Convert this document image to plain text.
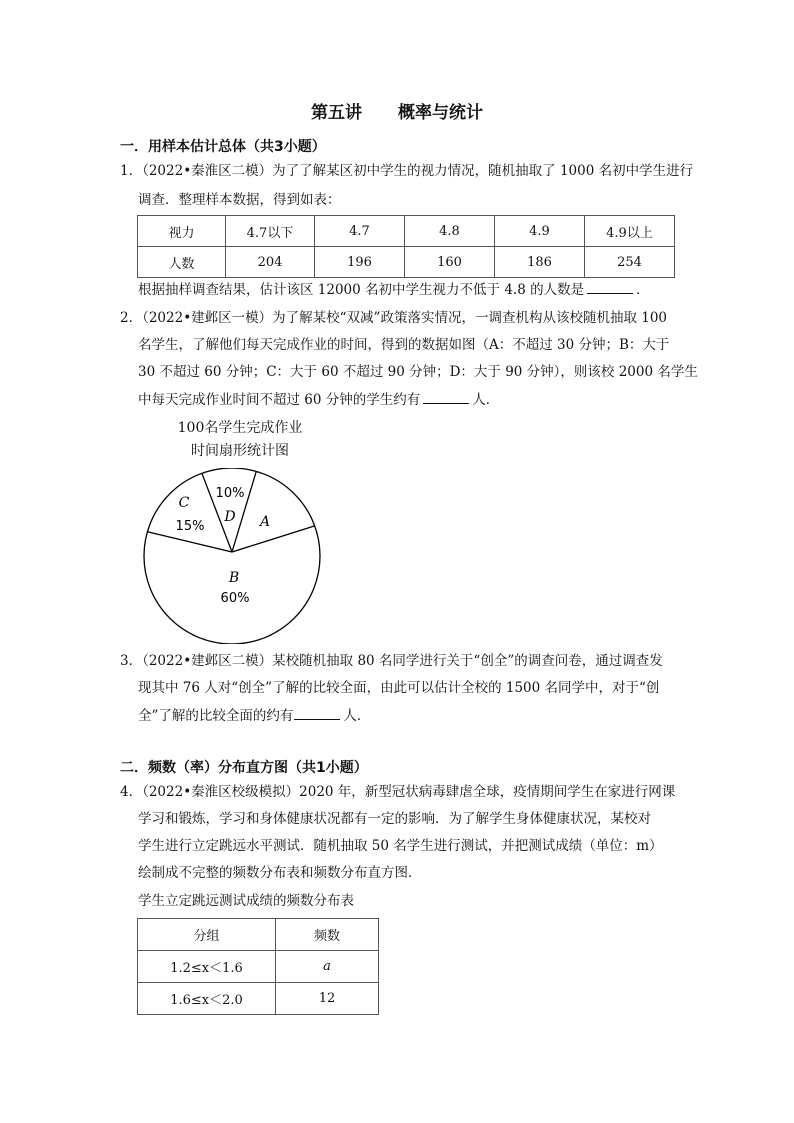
第五讲 概率与统计
一．用样本估计总体（共3小题）
1．（2022•秦淮区二模）为了了解某区初中学生的视力情况，随机抽取了 1000 名初中学生进行
调查．整理样本数据，得到如表：
视力	4.7以下	4.7	4.8	4.9	4.9以上
人数	204	196	160	186	254
根据抽样调查结果，估计该区 12000 名初中学生视力不低于 4.8 的人数是	．
2．（2022•建邺区一模）为了解某校“双减”政策落实情况，一调查机构从该校随机抽取 100
名学生，了解他们每天完成作业的时间，得到的数据如图（A：不超过 30 分钟；B：大于
30 不超过 60 分钟；C：大于 60 不超过 90 分钟；D：大于 90 分钟），则该校 2000 名学生
中每天完成作业时间不超过 60 分钟的学生约有	人．
100名学生完成作业
时间扇形统计图
D
10%
A
B
60%
C
15%
3．（2022•建邺区二模）某校随机抽取 80 名同学进行关于“创全”的调查问卷，通过调查发
现其中 76 人对“创全”了解的比较全面，由此可以估计全校的 1500 名同学中，对于“创
全”了解的比较全面的约有	人．
二．频数（率）分布直方图（共1小题）
4．（2022•秦淮区校级模拟）2020 年，新型冠状病毒肆虐全球，疫情期间学生在家进行网课
学习和锻炼，学习和身体健康状况都有一定的影响．为了解学生身体健康状况，某校对
学生进行立定跳远水平测试．随机抽取 50 名学生进行测试，并把测试成绩（单位：m）
绘制成不完整的频数分布表和频数分布直方图．
学生立定跳远测试成绩的频数分布表
分组	频数
1.2≤x＜1.6	a
1.6≤x＜2.0	12
